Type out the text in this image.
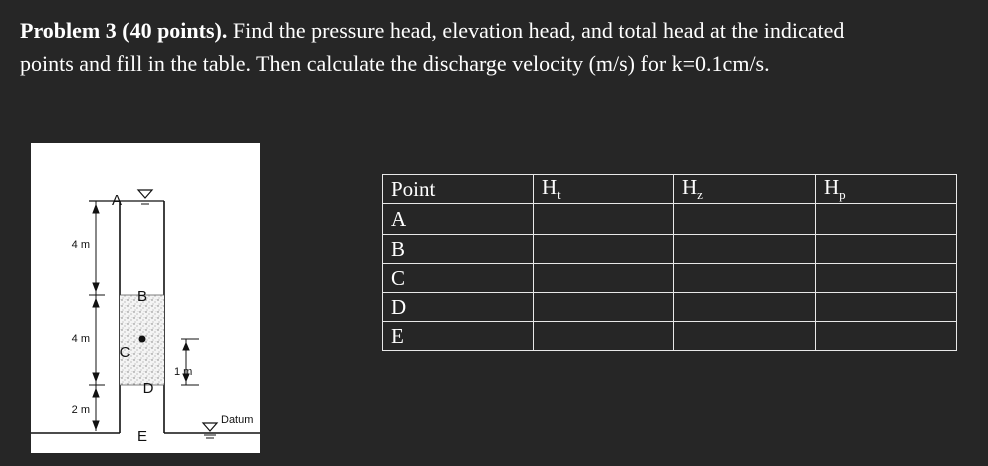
Problem 3 (40 points). Find the pressure head, elevation head, and total head at the indicated
points and fill in the table. Then calculate the discharge velocity (m/s) for k=0.1cm/s.
A
B
C
D
E
Datum
4 m
4 m
2 m
1 m
Point	$H_t$	$H_z$	$H_p$
A			
B			
C			
D			
E			
